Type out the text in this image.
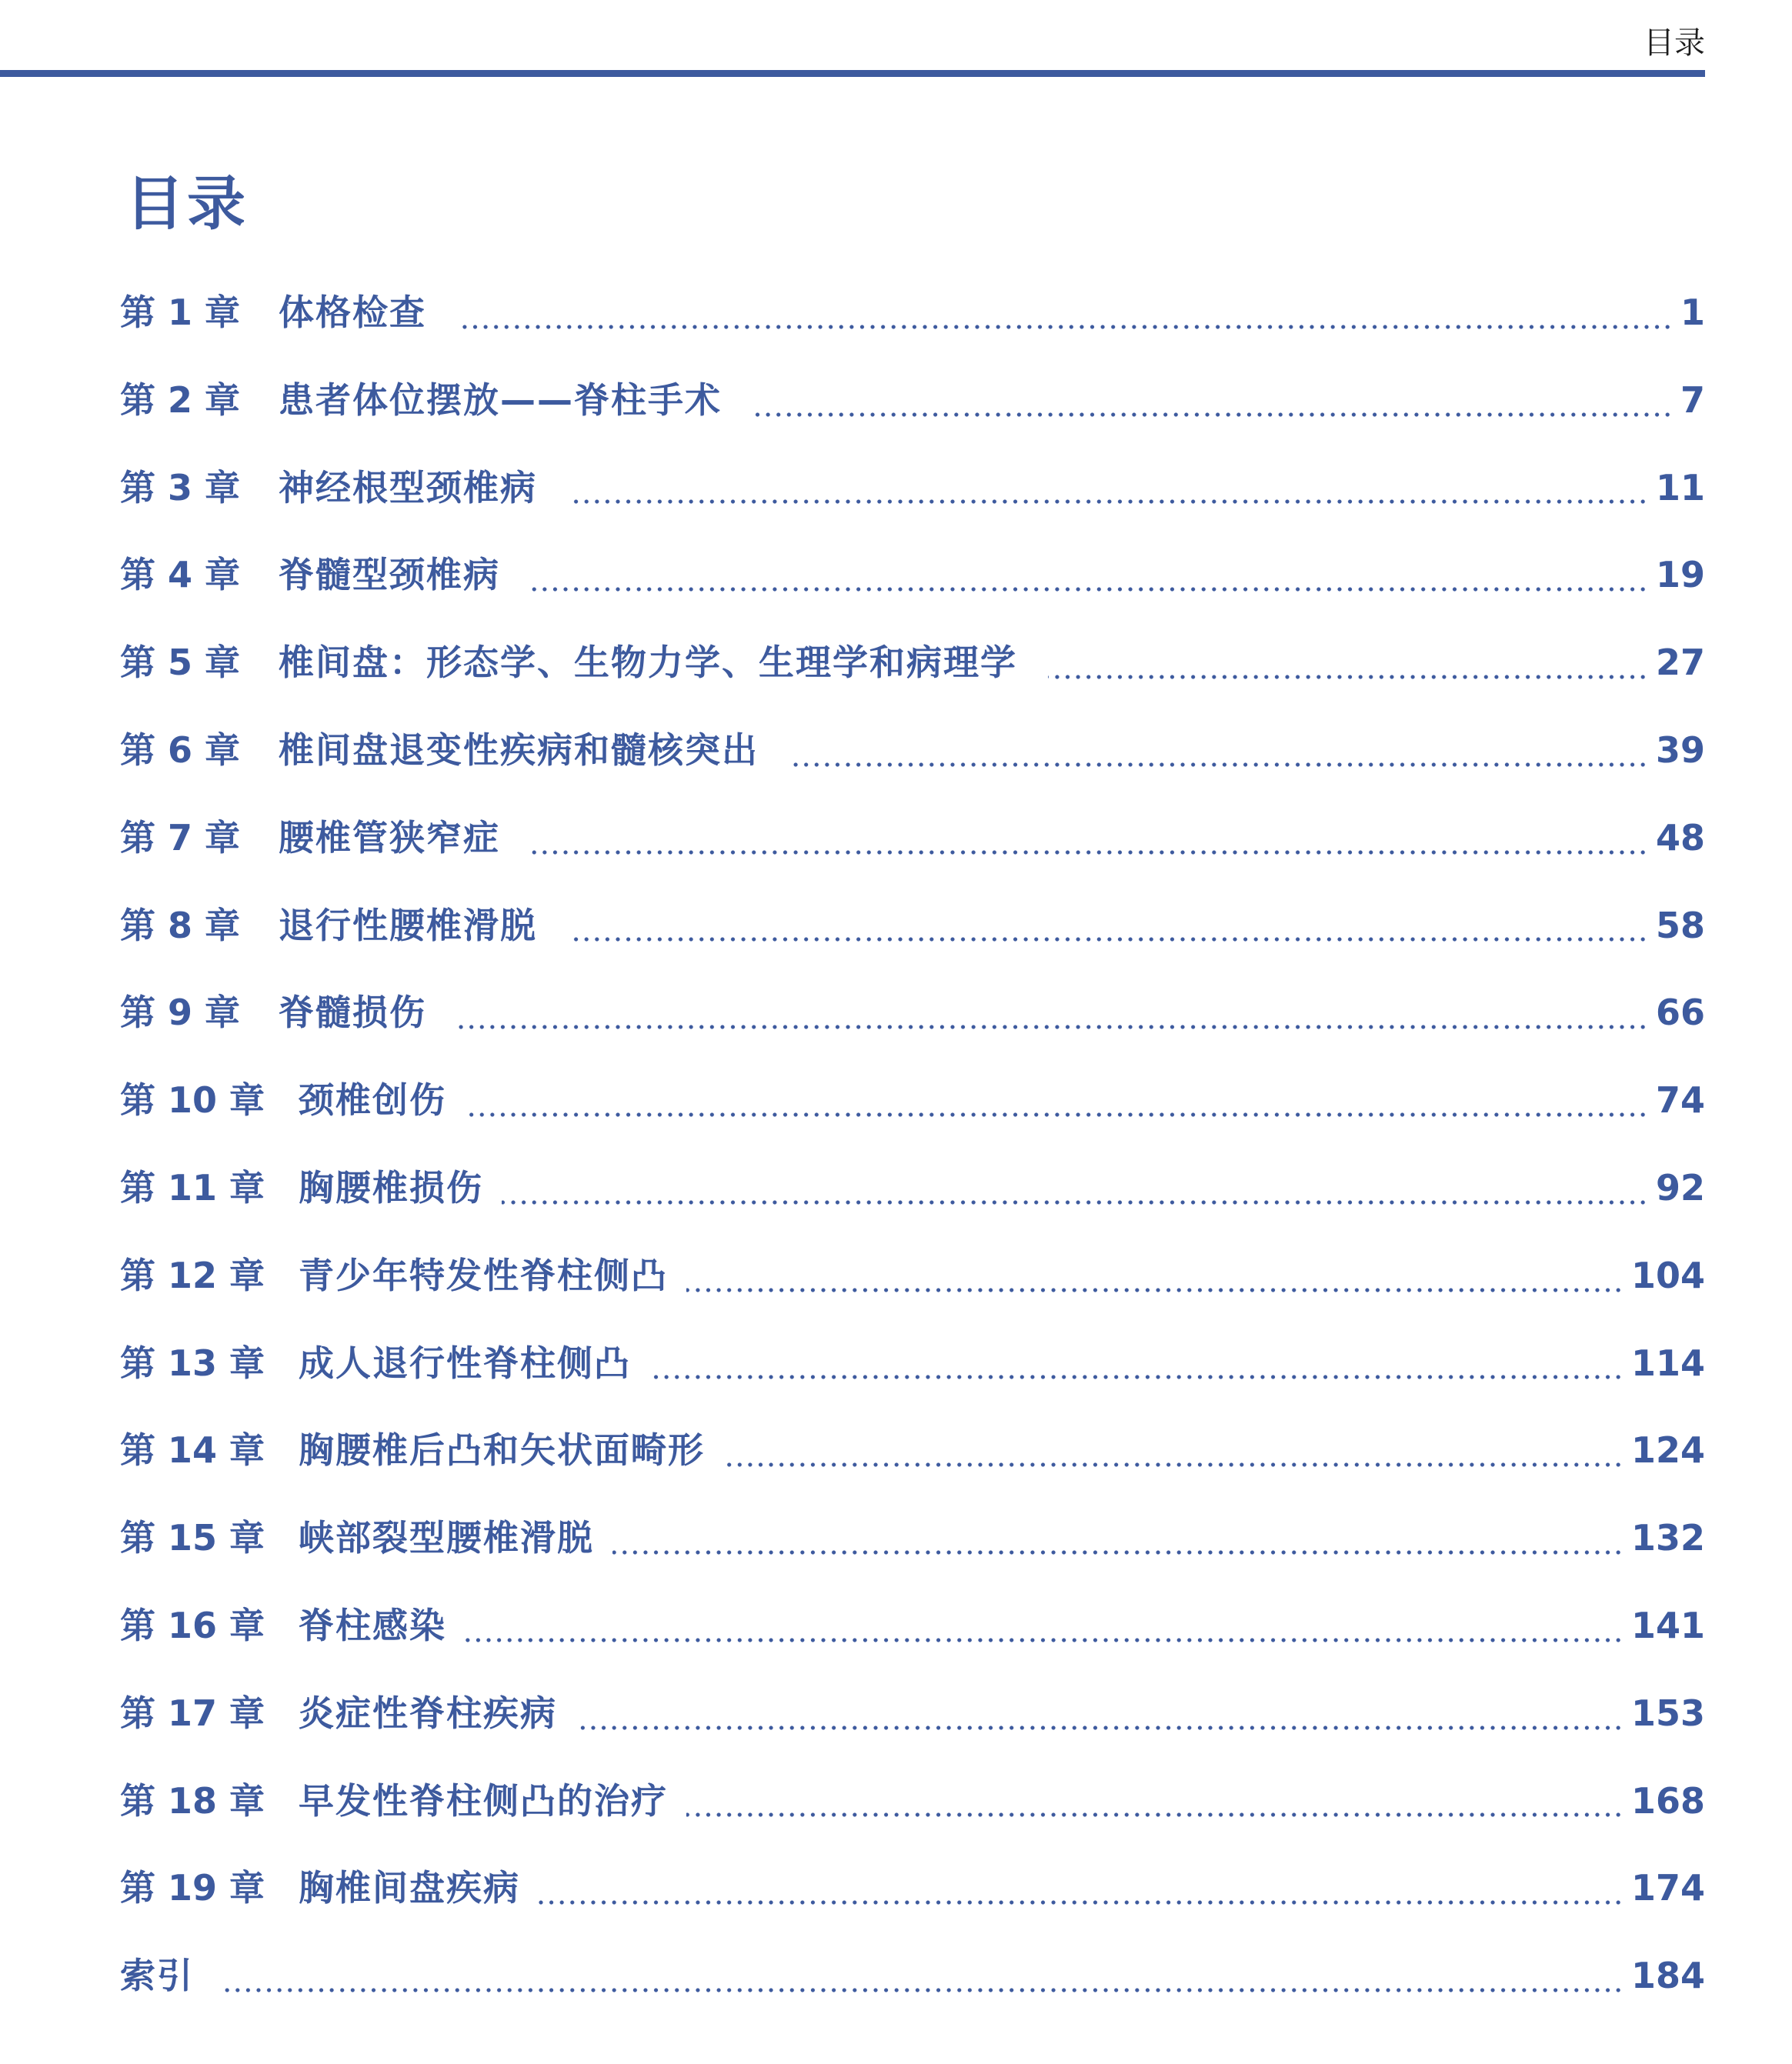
目录
目录
第 1 章	体格检查	1
第 2 章	患者体位摆放——脊柱手术	7
第 3 章	神经根型颈椎病	11
第 4 章	脊髓型颈椎病	19
第 5 章	椎间盘：形态学、生物力学、生理学和病理学	27
第 6 章	椎间盘退变性疾病和髓核突出	39
第 7 章	腰椎管狭窄症	48
第 8 章	退行性腰椎滑脱	58
第 9 章	脊髓损伤	66
第 10 章 颈椎创伤	74
第 11 章 胸腰椎损伤	92
第 12 章 青少年特发性脊柱侧凸	104
第 13 章 成人退行性脊柱侧凸	114
第 14 章 胸腰椎后凸和矢状面畸形	124
第 15 章 峡部裂型腰椎滑脱	132
第 16 章 脊柱感染	141
第 17 章 炎症性脊柱疾病	153
第 18 章 早发性脊柱侧凸的治疗	168
第 19 章 胸椎间盘疾病	174
索引	184
